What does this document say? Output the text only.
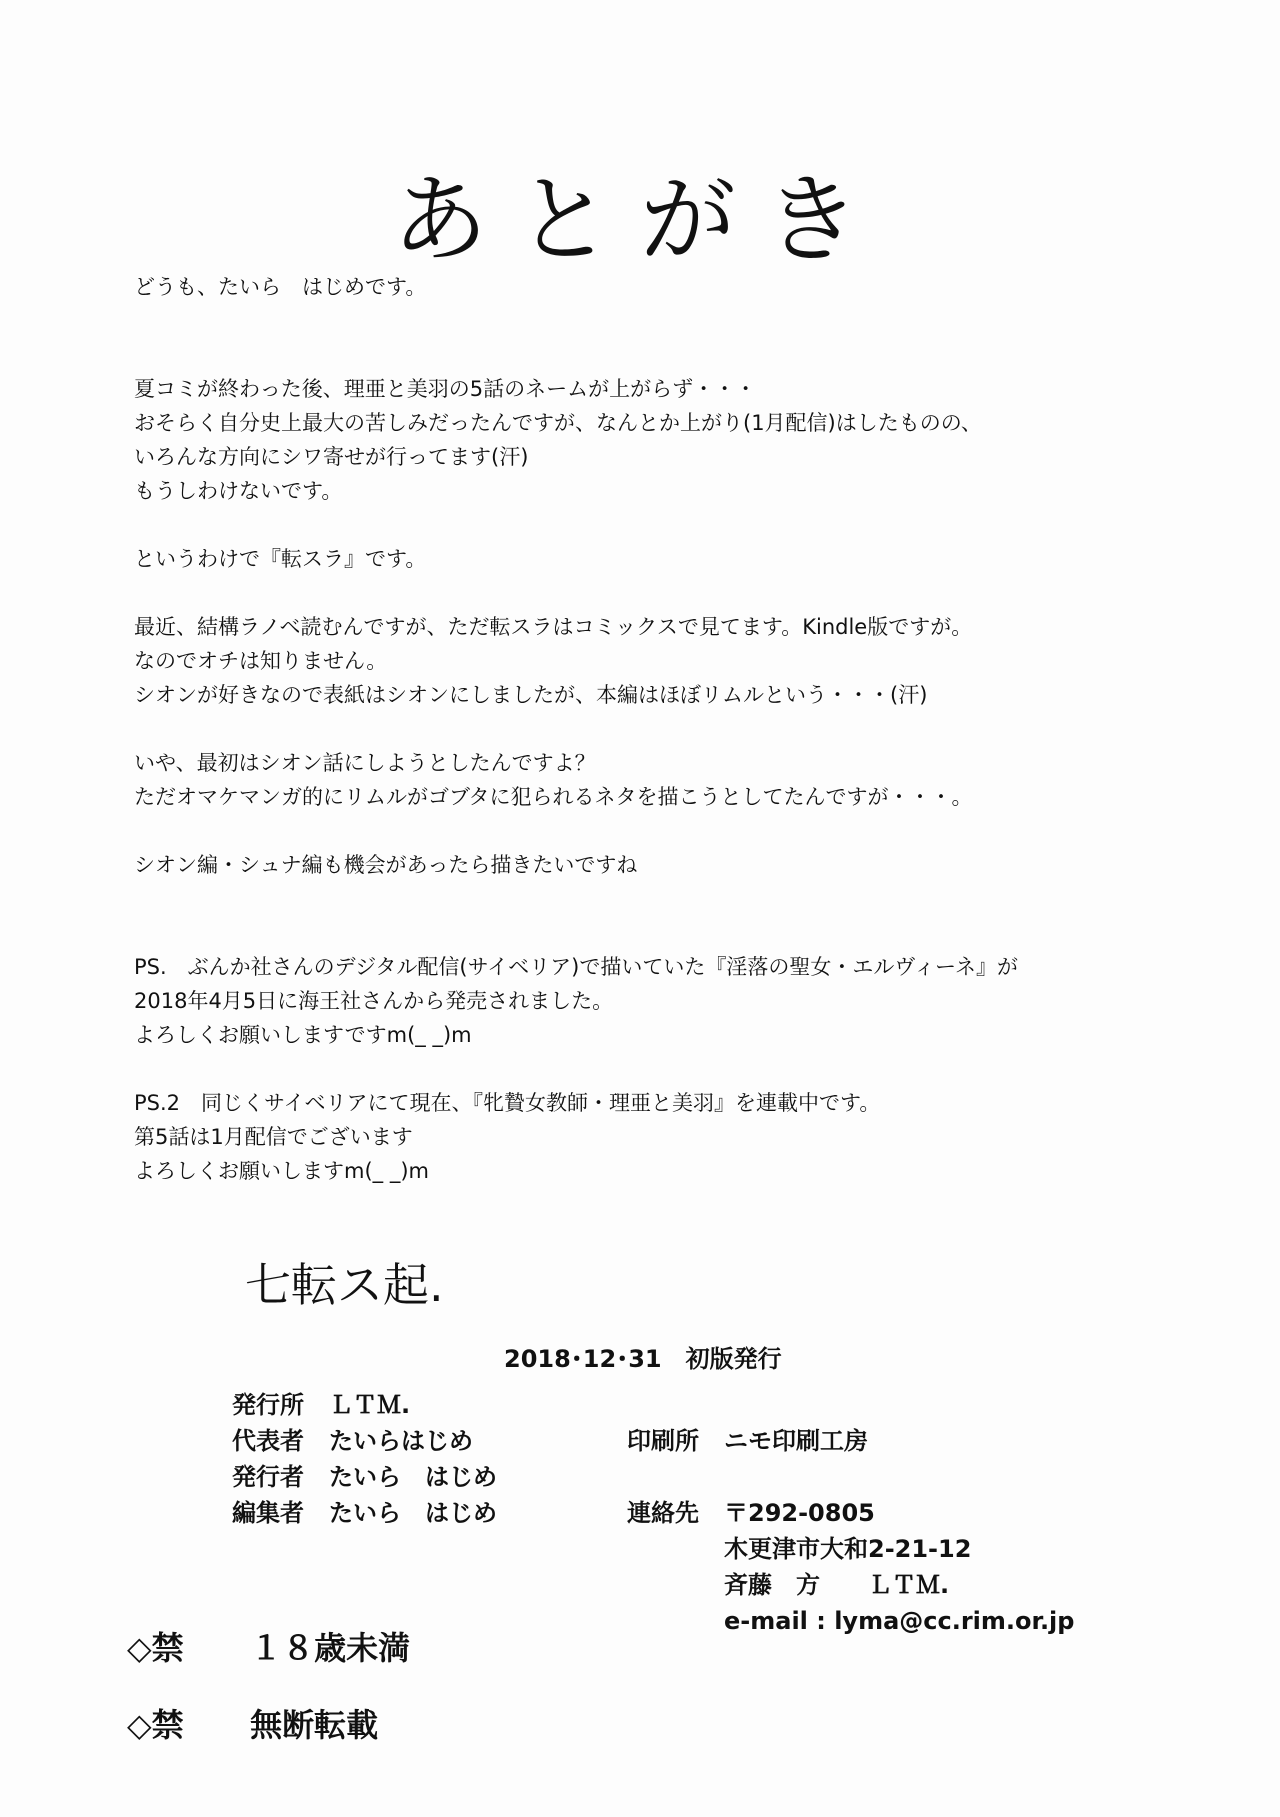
あとがき

どうも、たいら　はじめです。

夏コミが終わった後、理亜と美羽の5話のネームが上がらず・・・

おそらく自分史上最大の苦しみだったんですが、なんとか上がり(1月配信)はしたものの、

いろんな方向にシワ寄せが行ってます(汗)

もうしわけないです。

というわけで『転スラ』です。

最近、結構ラノベ読むんですが、ただ転スラはコミックスで見てます。Kindle版ですが。

なのでオチは知りません。

シオンが好きなので表紙はシオンにしましたが、本編はほぼリムルという・・・(汗)

いや、最初はシオン話にしようとしたんですよ？

ただオマケマンガ的にリムルがゴブタに犯られるネタを描こうとしてたんですが・・・。

シオン編・シュナ編も機会があったら描きたいですね

PS.　ぶんか社さんのデジタル配信(サイベリア)で描いていた『淫落の聖女・エルヴィーネ』が

2018年4月5日に海王社さんから発売されました。

よろしくお願いしますですm(_ _)m

PS.2　同じくサイベリアにて現在、『牝贄女教師・理亜と美羽』を連載中です。

第5話は1月配信でございます

よろしくお願いしますm(_ _)m

七転ス起.
2018･12･31　初版発行
発行所	ＬＴＭ.
代表者	たいらはじめ
発行者	たいら　はじめ
編集者	たいら　はじめ
印刷所	ニモ印刷工房
連絡先	〒292-0805
木更津市大和2-21-12
斉藤　方　　ＬＴＭ.
e-mail : lyma@cc.rim.or.jp
◇禁 １８歳未満
◇禁 無断転載
